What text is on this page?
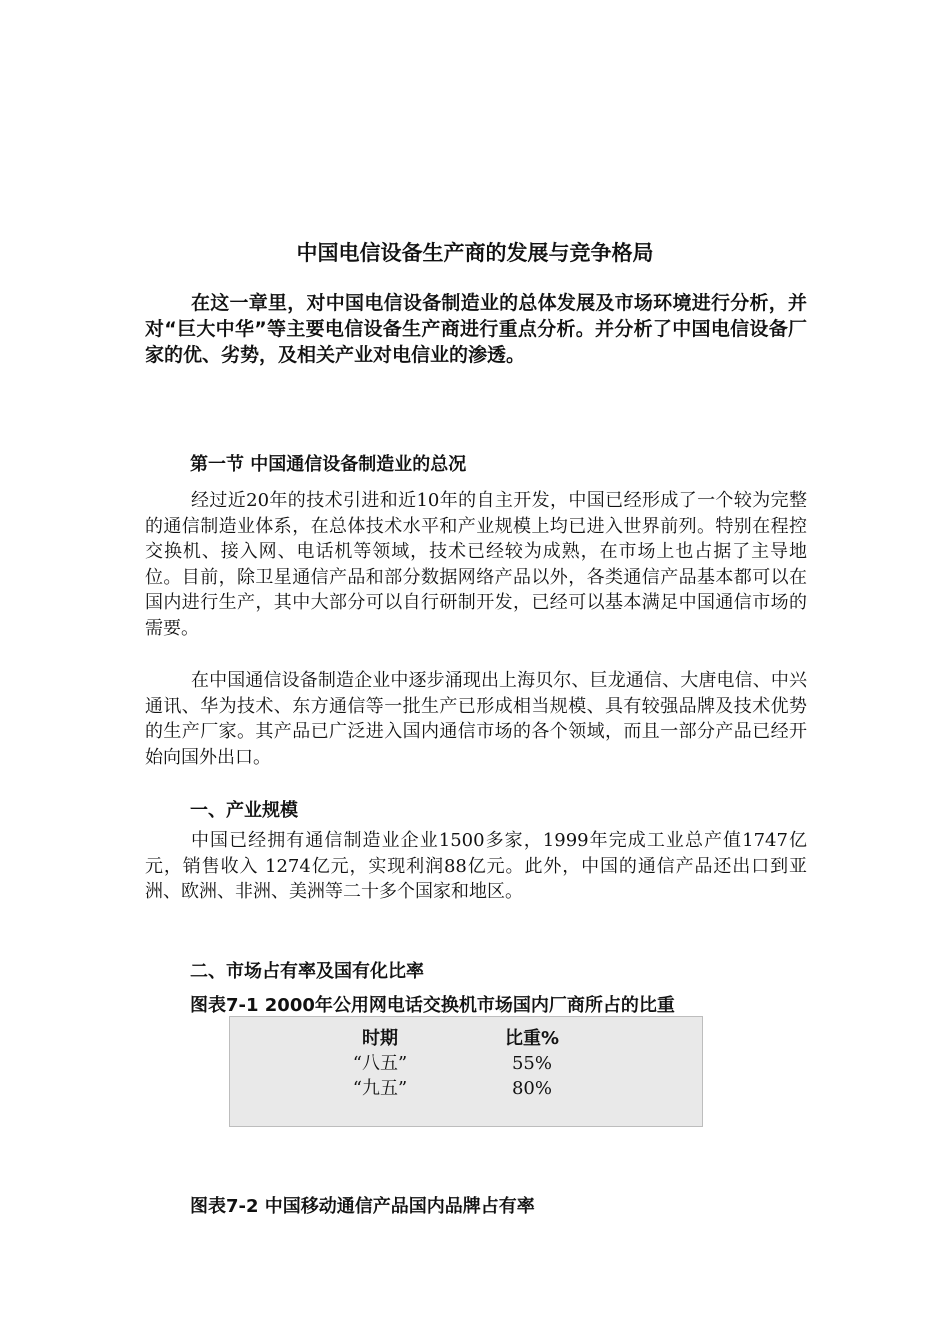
中国电信设备生产商的发展与竞争格局

在这一章里，对中国电信设备制造业的总体发展及市场环境进行分析，并对“巨大中华”等主要电信设备生产商进行重点分析。并分析了中国电信设备厂家的优、劣势，及相关产业对电信业的渗透。

第一节 中国通信设备制造业的总况

经过近20年的技术引进和近10年的自主开发，中国已经形成了一个较为完整的通信制造业体系，在总体技术水平和产业规模上均已进入世界前列。特别在程控交换机、接入网、电话机等领域，技术已经较为成熟，在市场上也占据了主导地位。目前，除卫星通信产品和部分数据网络产品以外，各类通信产品基本都可以在国内进行生产，其中大部分可以自行研制开发，已经可以基本满足中国通信市场的需要。

在中国通信设备制造企业中逐步涌现出上海贝尔、巨龙通信、大唐电信、中兴通讯、华为技术、东方通信等一批生产已形成相当规模、具有较强品牌及技术优势的生产厂家。其产品已广泛进入国内通信市场的各个领域，而且一部分产品已经开始向国外出口。

一、产业规模

中国已经拥有通信制造业企业1500多家，1999年完成工业总产值1747亿元，销售收入 1274亿元，实现利润88亿元。此外，中国的通信产品还出口到亚洲、欧洲、非洲、美洲等二十多个国家和地区。

二、市场占有率及国有化比率
图表7-1 2000年公用网电话交换机市场国内厂商所占的比重
时期	比重%
“八五”	55%
“九五”	80%
图表7-2 中国移动通信产品国内品牌占有率
